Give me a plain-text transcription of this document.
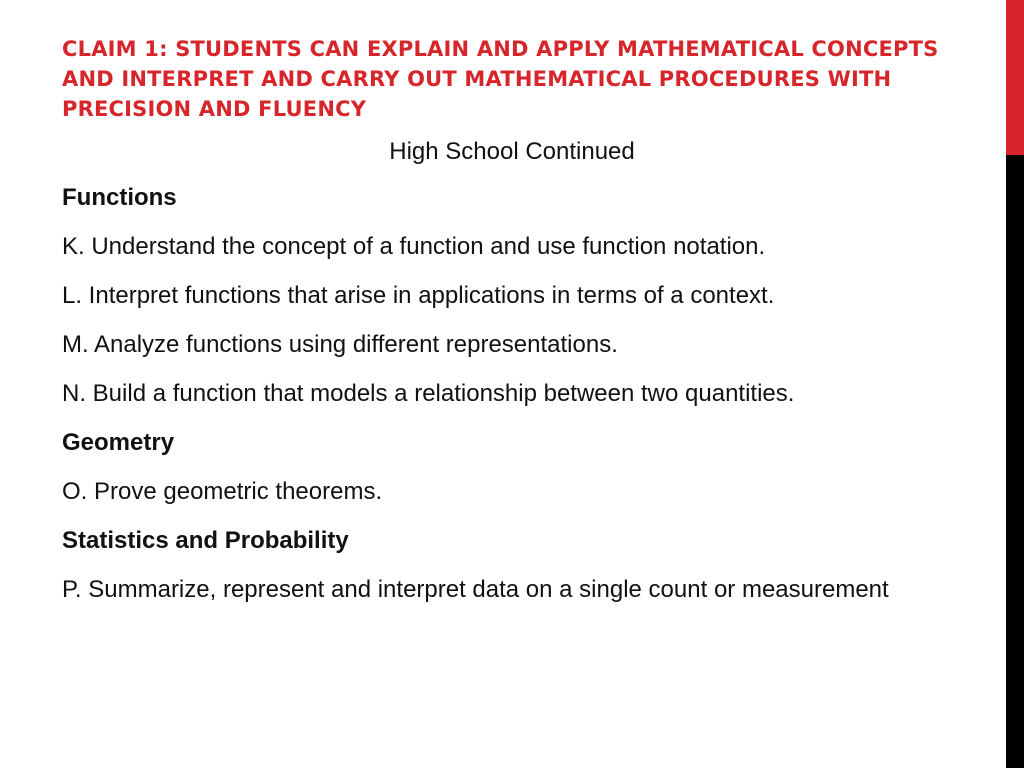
CLAIM 1: STUDENTS CAN EXPLAIN AND APPLY MATHEMATICAL CONCEPTS AND INTERPRET AND CARRY OUT MATHEMATICAL PROCEDURES WITH PRECISION AND FLUENCY

High School Continued

Functions

K. Understand the concept of a function and use function notation.

L. Interpret functions that arise in applications in terms of a context.

M. Analyze functions using different representations.

N. Build a function that models a relationship between two quantities.

Geometry

O. Prove geometric theorems.

Statistics and Probability

P. Summarize, represent and interpret data on a single count or measurement
